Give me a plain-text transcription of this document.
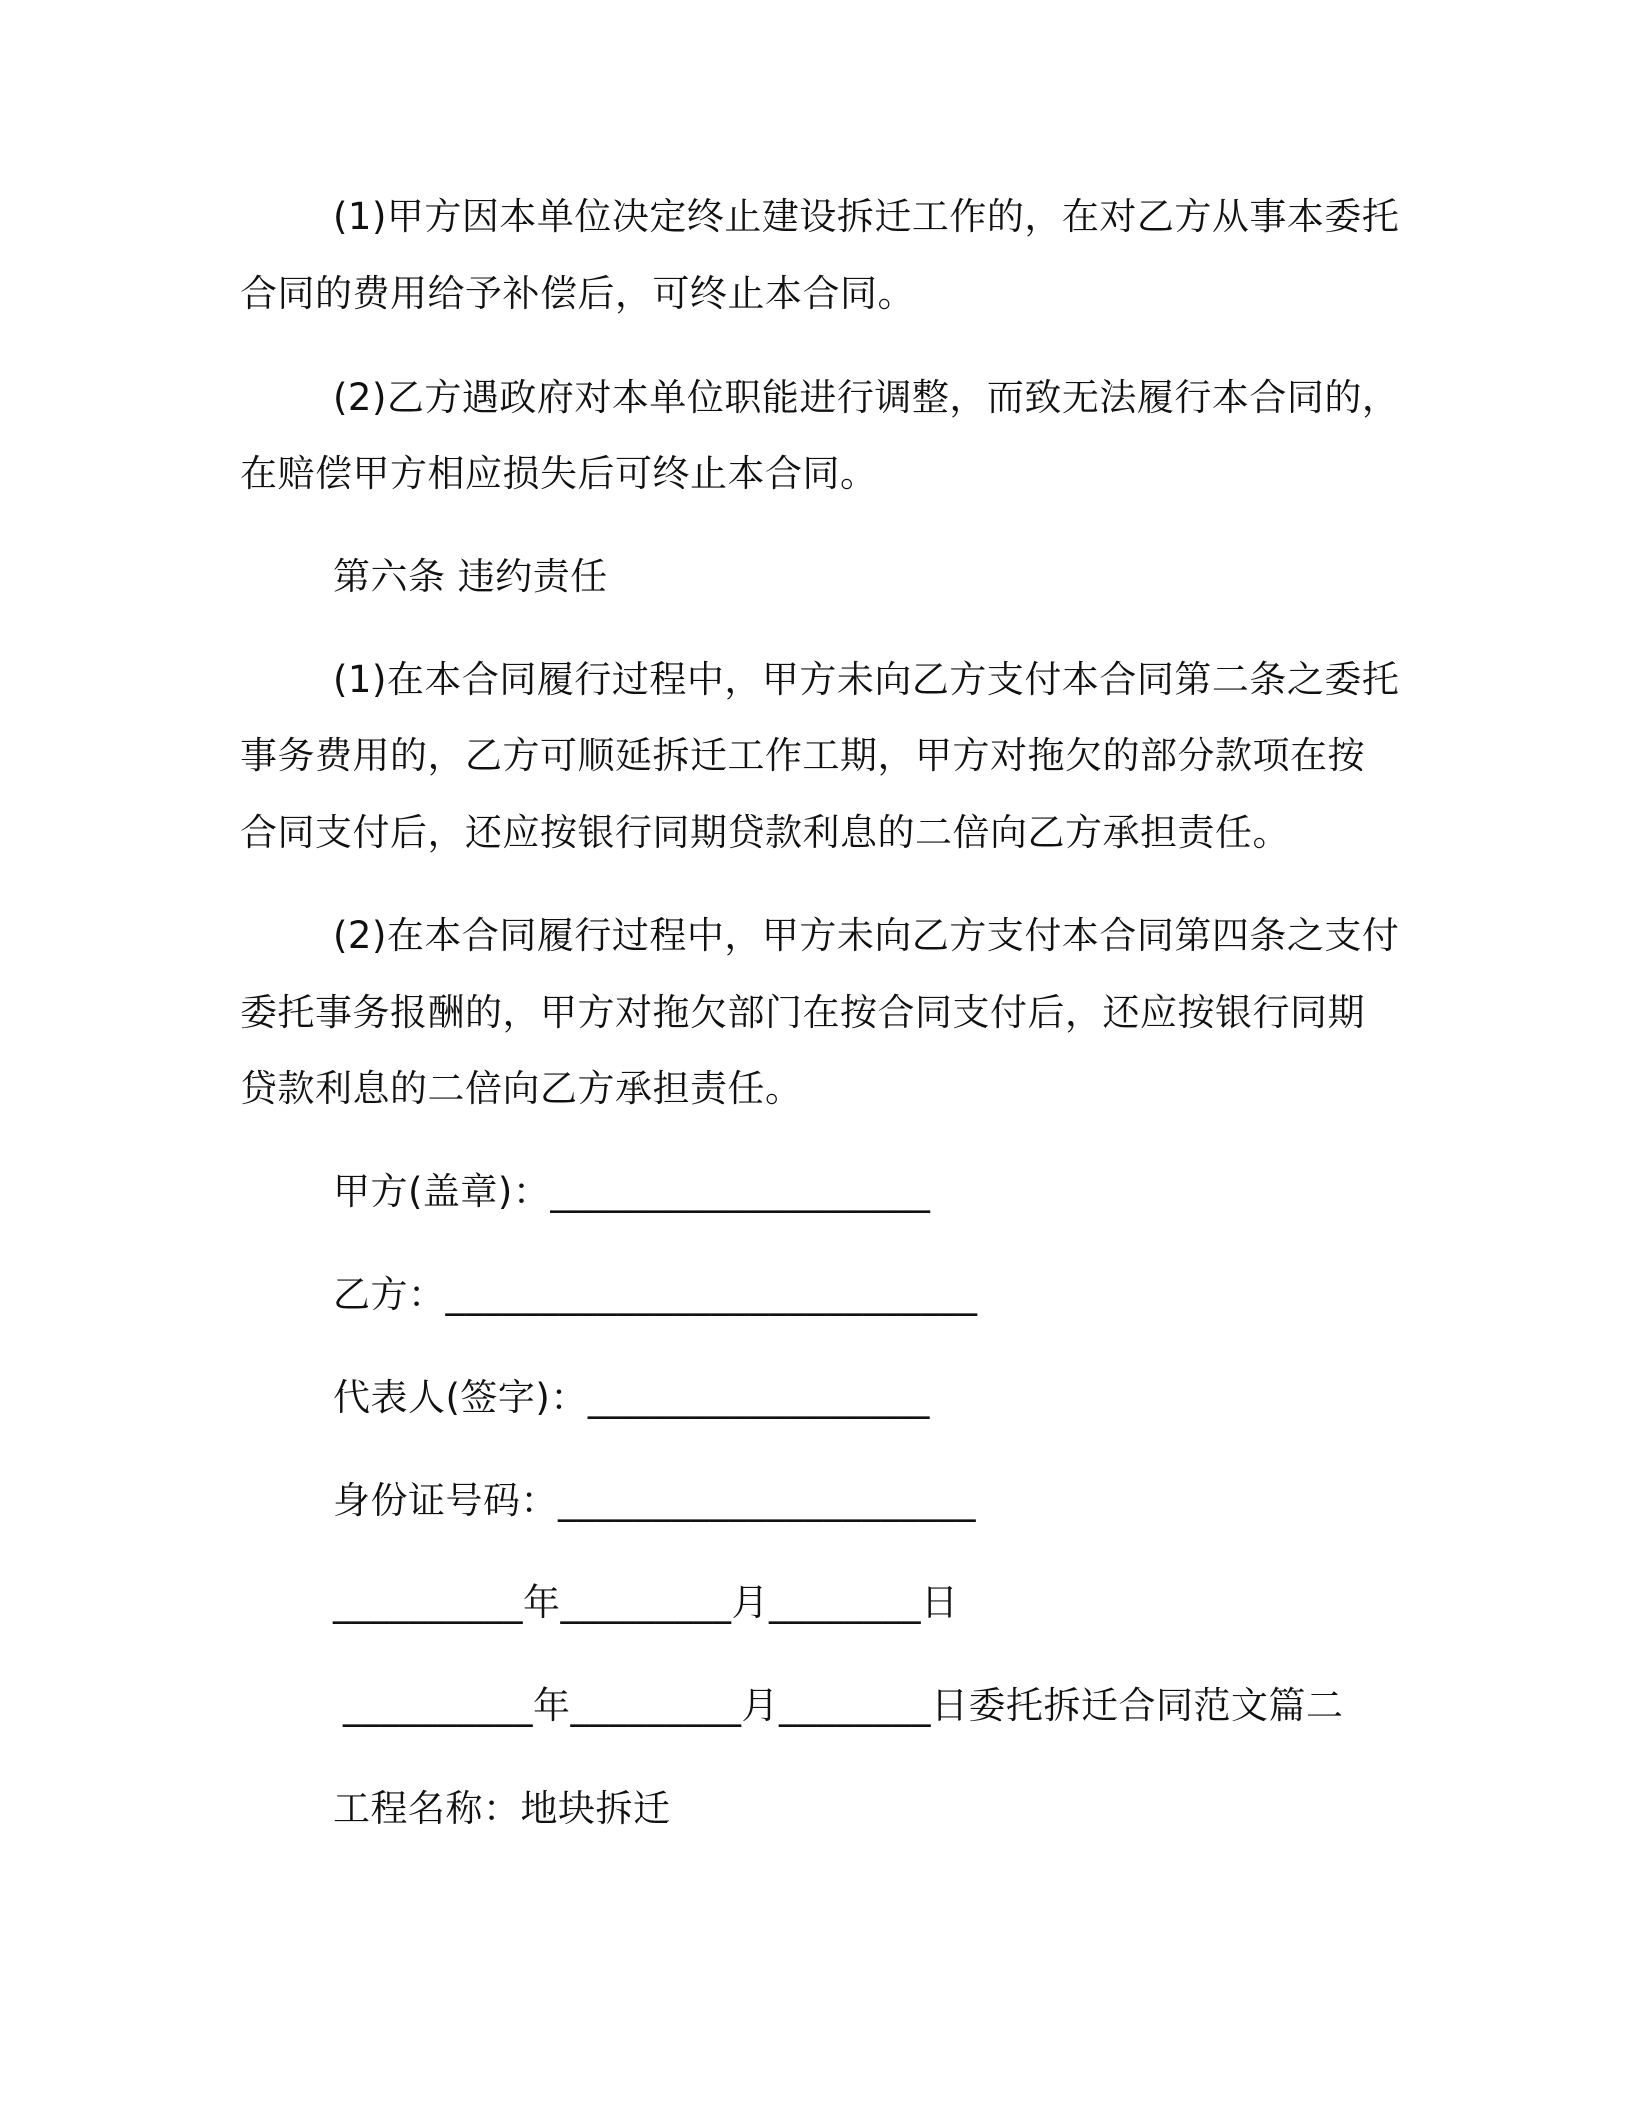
(1)甲方因本单位决定终止建设拆迁工作的，在对乙方从事本委托
合同的费用给予补偿后，可终止本合同。
(2)乙方遇政府对本单位职能进行调整，而致无法履行本合同的，
在赔偿甲方相应损失后可终止本合同。
第六条 违约责任
(1)在本合同履行过程中，甲方未向乙方支付本合同第二条之委托
事务费用的，乙方可顺延拆迁工作工期，甲方对拖欠的部分款项在按
合同支付后，还应按银行同期贷款利息的二倍向乙方承担责任。
(2)在本合同履行过程中，甲方未向乙方支付本合同第四条之支付
委托事务报酬的，甲方对拖欠部门在按合同支付后，还应按银行同期
贷款利息的二倍向乙方承担责任。
甲方(盖章)：____________________
乙方：____________________________
代表人(签字)：__________________
身份证号码：______________________
__________年_________月________日
__________年_________月________日委托拆迁合同范文篇二
工程名称：地块拆迁
